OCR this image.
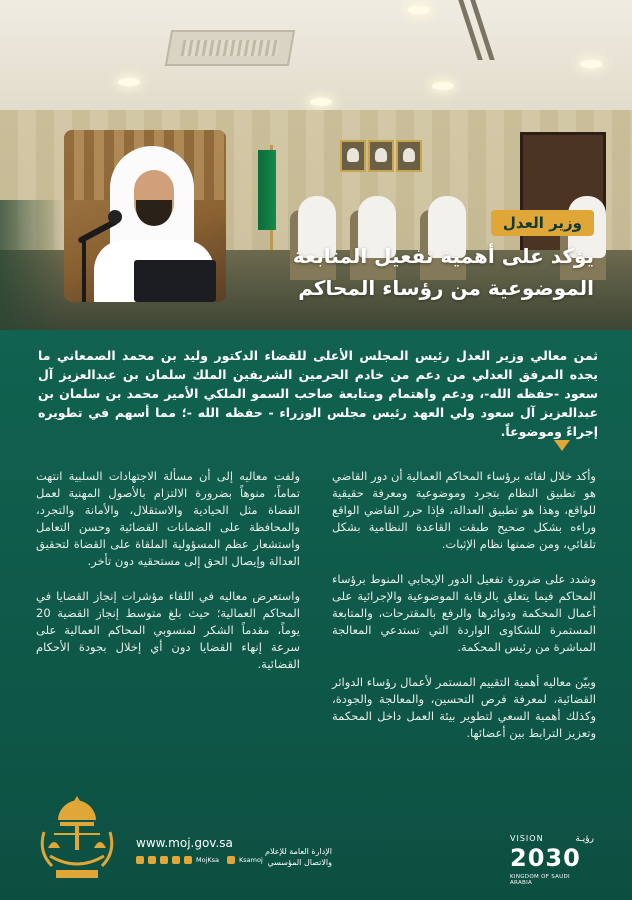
وزير العدل
يؤكد على أهمية تفعيل المتابعة الموضوعية من رؤساء المحاكم
ثمن معالي وزير العدل رئيس المجلس الأعلى للقضاء الدكتور وليد بن محمد الصمعاني ما يجده المرفق العدلي من دعم من خادم الحرمين الشريفين الملك سلمان بن عبدالعزيز آل سعود -حفظه الله-، ودعم واهتمام ومتابعة صاحب السمو الملكي الأمير محمد بن سلمان بن عبدالعزيز آل سعود ولي العهد رئيس مجلس الوزراء - حفظه الله -؛ مما أسهم في تطويره إجراءً وموضوعاً.

وأكد خلال لقائه برؤساء المحاكم العمالية أن دور القاضي هو تطبيق النظام بتجرد وموضوعية ومعرفة حقيقية للواقع، وهذا هو تطبيق العدالة، فإذا حرر القاضي الواقع وراءه بشكل صحيح طبقت القاعدة النظامية بشكل تلقائي، ومن ضمنها نظام الإثبات.

وشدد على ضرورة تفعيل الدور الإيجابي المنوط برؤساء المحاكم فيما يتعلق بالرقابة الموضوعية والإجرائية على أعمال المحكمة ودوائرها والرفع بالمقترحات، والمتابعة المستمرة للشكاوى الواردة التي تستدعي المعالجة المباشرة من رئيس المحكمة.

وبيّن معاليه أهمية التقييم المستمر لأعمال رؤساء الدوائر القضائية، لمعرفة فرص التحسين، والمعالجة والجودة، وكذلك أهمية السعي لتطوير بيئة العمل داخل المحكمة وتعزيز الترابط بين أعضائها.

ولفت معاليه إلى أن مسألة الاجتهادات السلبية انتهت تماماً، منوهاً بضرورة الالتزام بالأصول المهنية لعمل القضاة مثل الحيادية والاستقلال، والأمانة والتجرد، والمحافظة على الضمانات القضائية وحسن التعامل واستشعار عظم المسؤولية الملقاة على القضاة لتحقيق العدالة وإيصال الحق إلى مستحقيه دون تأخر.

واستعرض معاليه في اللقاء مؤشرات إنجاز القضايا في المحاكم العمالية؛ حيث بلغ متوسط إنجاز القضية 20 يوماً، مقدماً الشكر لمنسوبي المحاكم العمالية على سرعة إنهاء القضايا دون أي إخلال بجودة الأحكام القضائية.

www.moj.gov.sa
MojKsa	Ksamoj
الإدارة العامة للإعلام والاتصال المؤسسي
VISION	رؤيـة
2030
KINGDOM OF SAUDI ARABIA
